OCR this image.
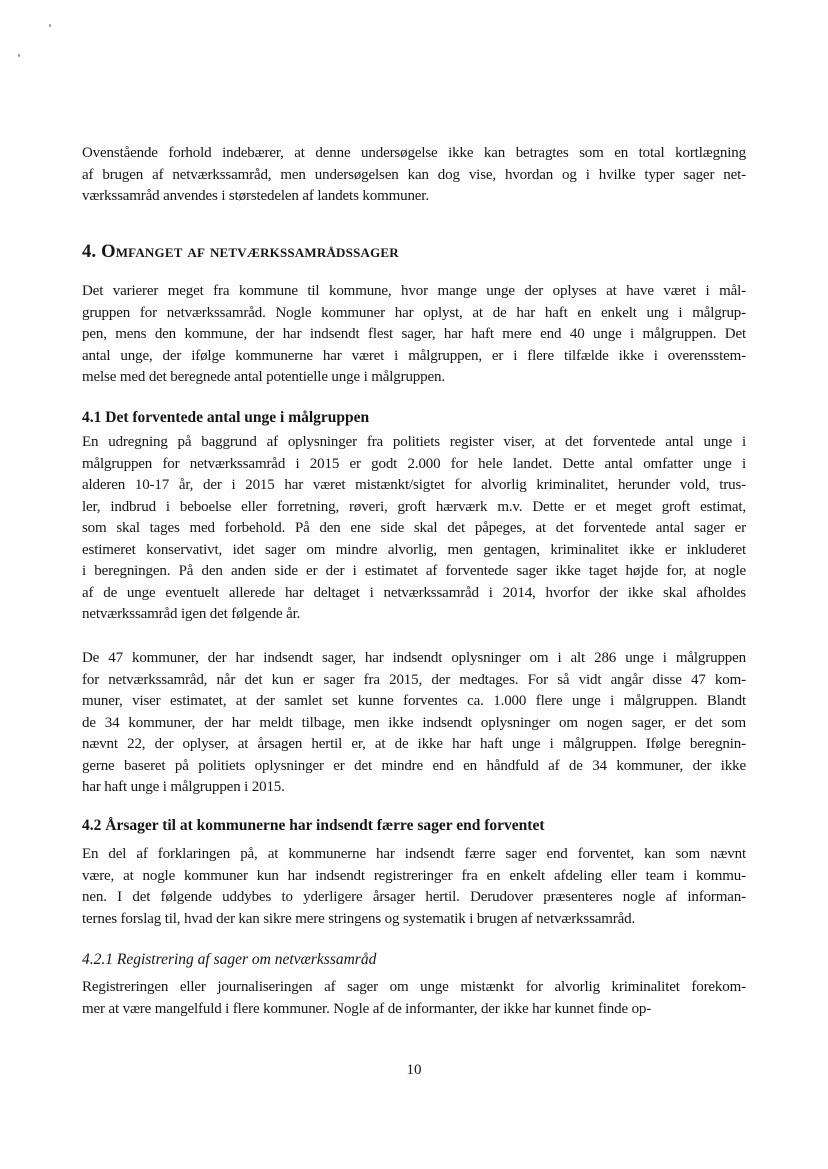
Ovenstående forhold indebærer, at denne undersøgelse ikke kan betragtes som en total kortlægning
af brugen af netværkssamråd, men undersøgelsen kan dog vise, hvordan og i hvilke typer sager net-
værkssamråd anvendes i størstedelen af landets kommuner.
4. Omfanget af netværkssamrådssager
Det varierer meget fra kommune til kommune, hvor mange unge der oplyses at have været i mål-
gruppen for netværkssamråd. Nogle kommuner har oplyst, at de har haft en enkelt ung i målgrup-
pen, mens den kommune, der har indsendt flest sager, har haft mere end 40 unge i målgruppen. Det
antal unge, der ifølge kommunerne har været i målgruppen, er i flere tilfælde ikke i overensstem-
melse med det beregnede antal potentielle unge i målgruppen.
4.1 Det forventede antal unge i målgruppen
En udregning på baggrund af oplysninger fra politiets register viser, at det forventede antal unge i
målgruppen for netværkssamråd i 2015 er godt 2.000 for hele landet. Dette antal omfatter unge i
alderen 10-17 år, der i 2015 har været mistænkt/sigtet for alvorlig kriminalitet, herunder vold, trus-
ler, indbrud i beboelse eller forretning, røveri, groft hærværk m.v. Dette er et meget groft estimat,
som skal tages med forbehold. På den ene side skal det påpeges, at det forventede antal sager er
estimeret konservativt, idet sager om mindre alvorlig, men gentagen, kriminalitet ikke er inkluderet
i beregningen. På den anden side er der i estimatet af forventede sager ikke taget højde for, at nogle
af de unge eventuelt allerede har deltaget i netværkssamråd i 2014, hvorfor der ikke skal afholdes
netværkssamråd igen det følgende år.
De 47 kommuner, der har indsendt sager, har indsendt oplysninger om i alt 286 unge i målgruppen
for netværkssamråd, når det kun er sager fra 2015, der medtages. For så vidt angår disse 47 kom-
muner, viser estimatet, at der samlet set kunne forventes ca. 1.000 flere unge i målgruppen. Blandt
de 34 kommuner, der har meldt tilbage, men ikke indsendt oplysninger om nogen sager, er det som
nævnt 22, der oplyser, at årsagen hertil er, at de ikke har haft unge i målgruppen. Ifølge beregnin-
gerne baseret på politiets oplysninger er det mindre end en håndfuld af de 34 kommuner, der ikke
har haft unge i målgruppen i 2015.
4.2 Årsager til at kommunerne har indsendt færre sager end forventet
En del af forklaringen på, at kommunerne har indsendt færre sager end forventet, kan som nævnt
være, at nogle kommuner kun har indsendt registreringer fra en enkelt afdeling eller team i kommu-
nen. I det følgende uddybes to yderligere årsager hertil. Derudover præsenteres nogle af informan-
ternes forslag til, hvad der kan sikre mere stringens og systematik i brugen af netværkssamråd.
4.2.1 Registrering af sager om netværkssamråd
Registreringen eller journaliseringen af sager om unge mistænkt for alvorlig kriminalitet forekom-
mer at være mangelfuld i flere kommuner. Nogle af de informanter, der ikke har kunnet finde op-
10
